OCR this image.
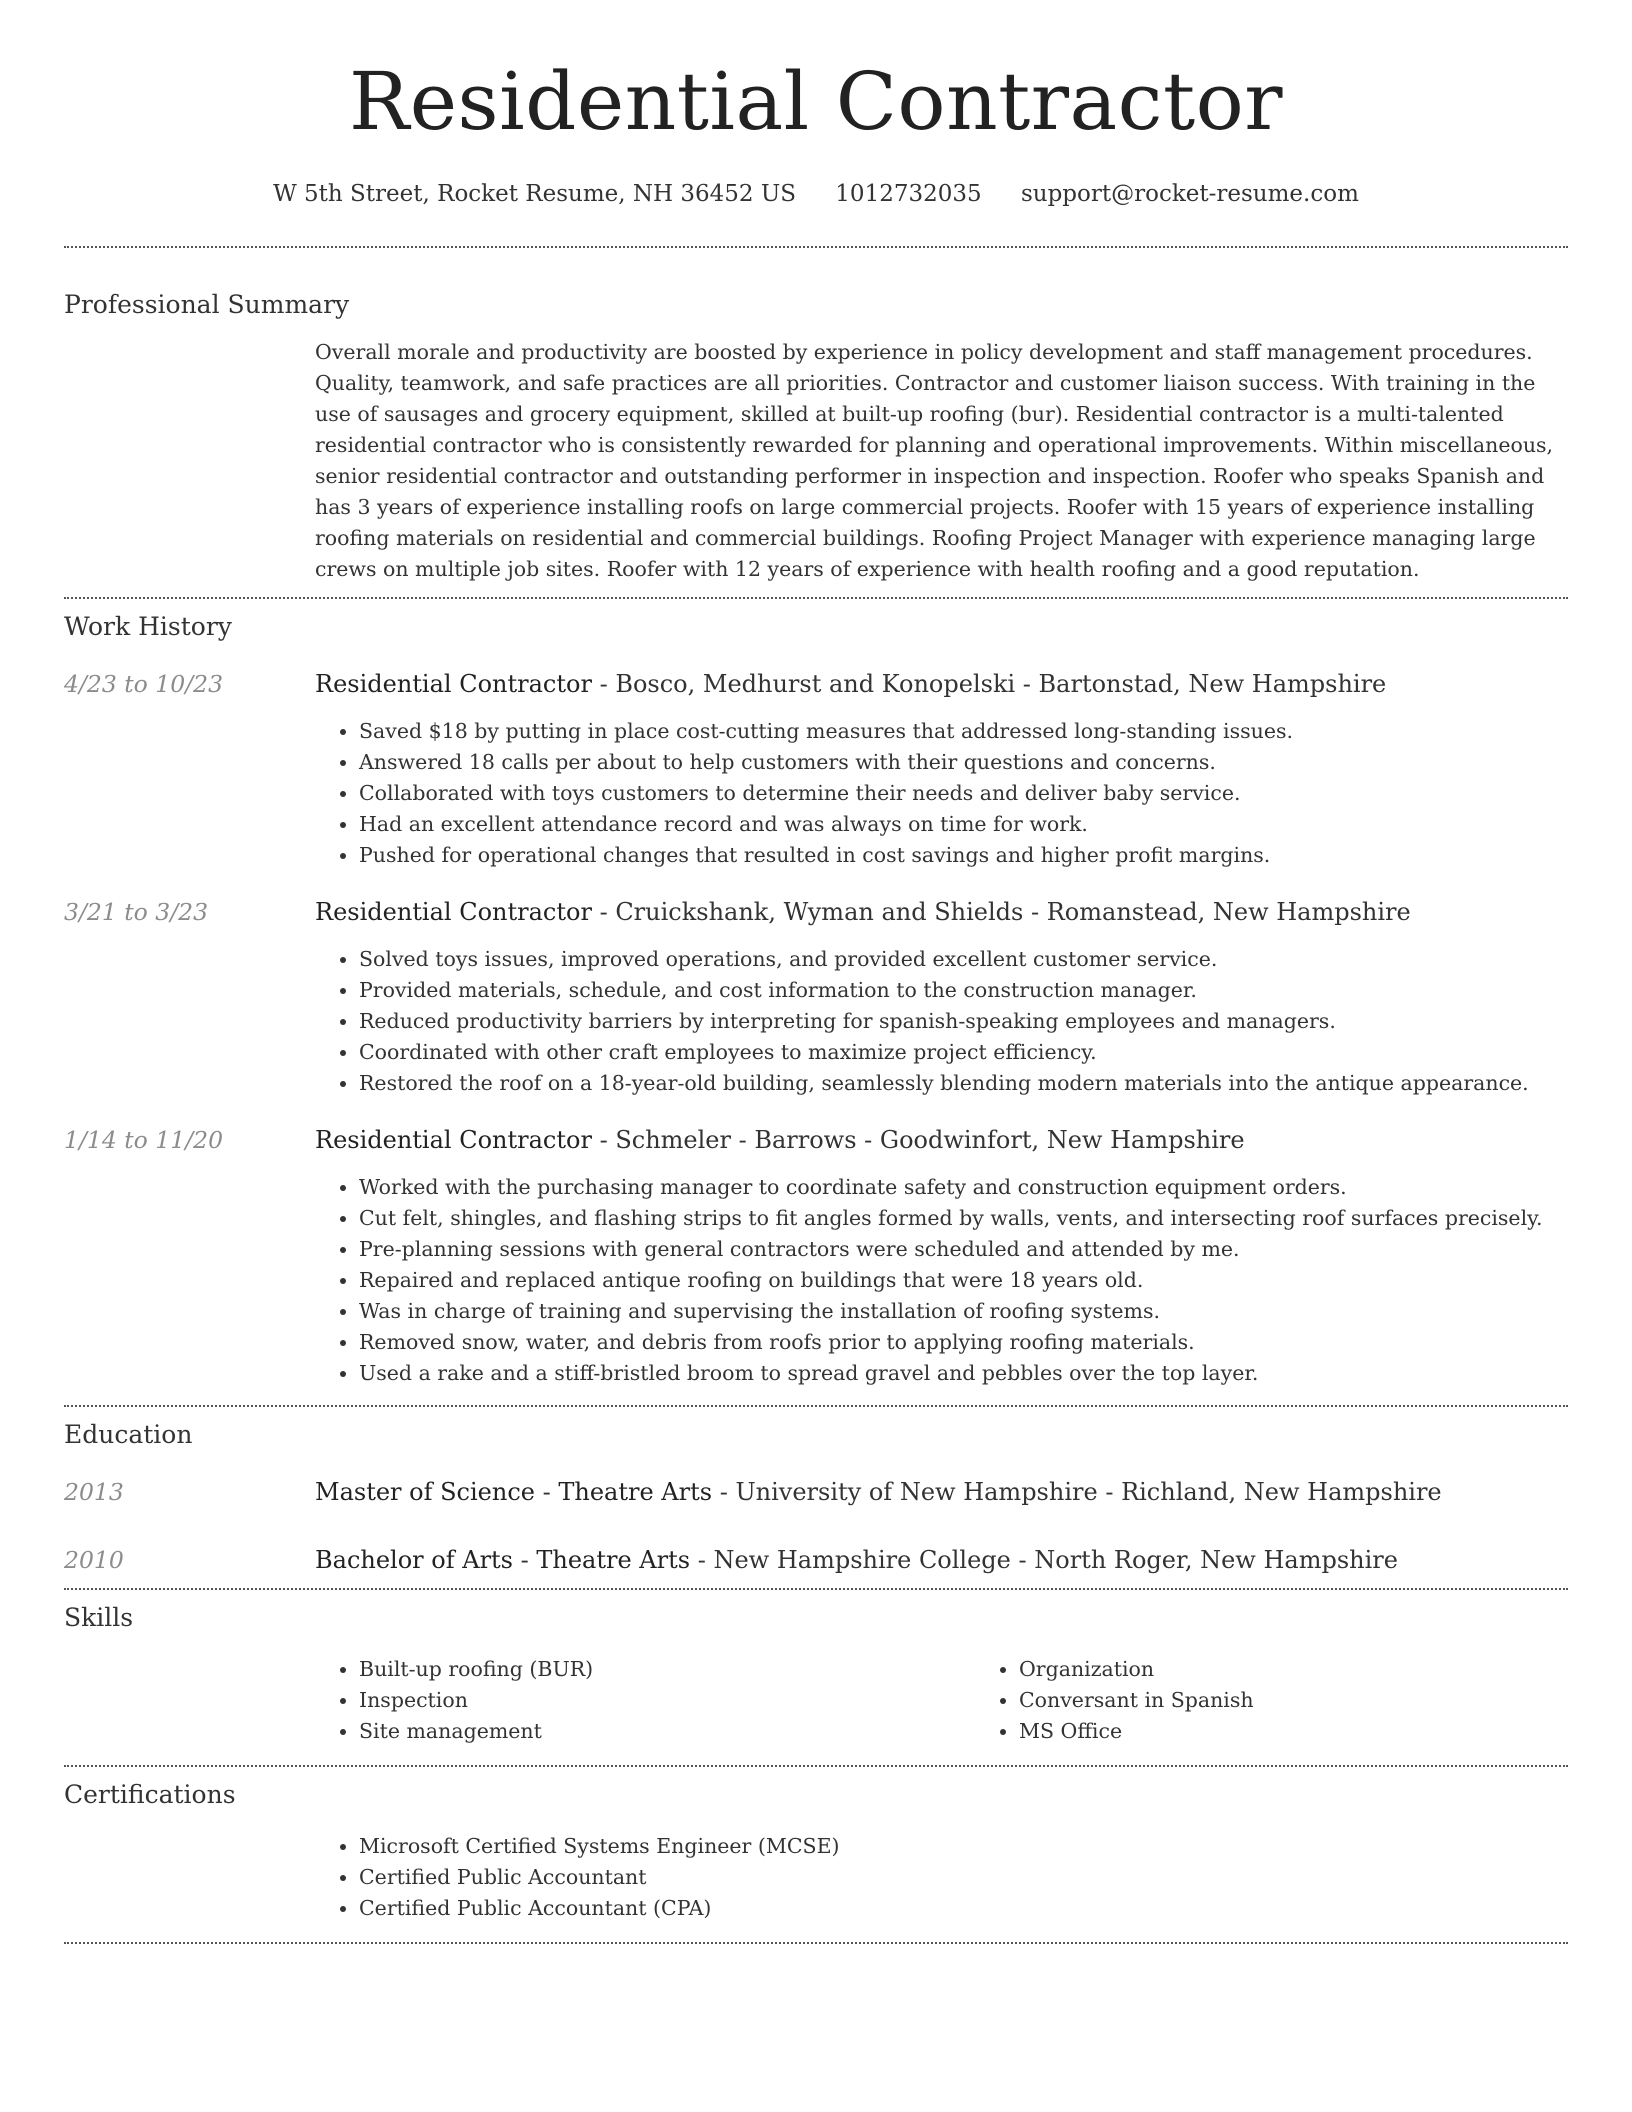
Residential Contractor
W 5th Street, Rocket Resume, NH 36452 US 1012732035 support@rocket-resume.com
Professional Summary

Overall morale and productivity are boosted by experience in policy development and staff management procedures. Quality, teamwork, and safe practices are all priorities. Contractor and customer liaison success. With training in the use of sausages and grocery equipment, skilled at built-up roofing (bur). Residential contractor is a multi-talented residential contractor who is consistently rewarded for planning and operational improvements. Within miscellaneous, senior residential contractor and outstanding performer in inspection and inspection. Roofer who speaks Spanish and has 3 years of experience installing roofs on large commercial projects. Roofer with 15 years of experience installing roofing materials on residential and commercial buildings. Roofing Project Manager with experience managing large crews on multiple job sites. Roofer with 12 years of experience with health roofing and a good reputation.

Work History
4/23 to 10/23	Residential Contractor - Bosco, Medhurst and Konopelski - Bartonstad, New Hampshire
• Saved $18 by putting in place cost-cutting measures that addressed long-standing issues.
• Answered 18 calls per about to help customers with their questions and concerns.
• Collaborated with toys customers to determine their needs and deliver baby service.
• Had an excellent attendance record and was always on time for work.
• Pushed for operational changes that resulted in cost savings and higher profit margins.
3/21 to 3/23	Residential Contractor - Cruickshank, Wyman and Shields - Romanstead, New Hampshire
• Solved toys issues, improved operations, and provided excellent customer service.
• Provided materials, schedule, and cost information to the construction manager.
• Reduced productivity barriers by interpreting for spanish-speaking employees and managers.
• Coordinated with other craft employees to maximize project efficiency.
• Restored the roof on a 18-year-old building, seamlessly blending modern materials into the antique appearance.
1/14 to 11/20	Residential Contractor - Schmeler - Barrows - Goodwinfort, New Hampshire
• Worked with the purchasing manager to coordinate safety and construction equipment orders.
• Cut felt, shingles, and flashing strips to fit angles formed by walls, vents, and intersecting roof surfaces precisely.
• Pre-planning sessions with general contractors were scheduled and attended by me.
• Repaired and replaced antique roofing on buildings that were 18 years old.
• Was in charge of training and supervising the installation of roofing systems.
• Removed snow, water, and debris from roofs prior to applying roofing materials.
• Used a rake and a stiff-bristled broom to spread gravel and pebbles over the top layer.
Education
2013	Master of Science - Theatre Arts - University of New Hampshire - Richland, New Hampshire
2010	Bachelor of Arts - Theatre Arts - New Hampshire College - North Roger, New Hampshire
Skills
• Built-up roofing (BUR)
• Inspection
• Site management
• Organization
• Conversant in Spanish
• MS Office
Certifications
• Microsoft Certified Systems Engineer (MCSE)
• Certified Public Accountant
• Certified Public Accountant (CPA)
